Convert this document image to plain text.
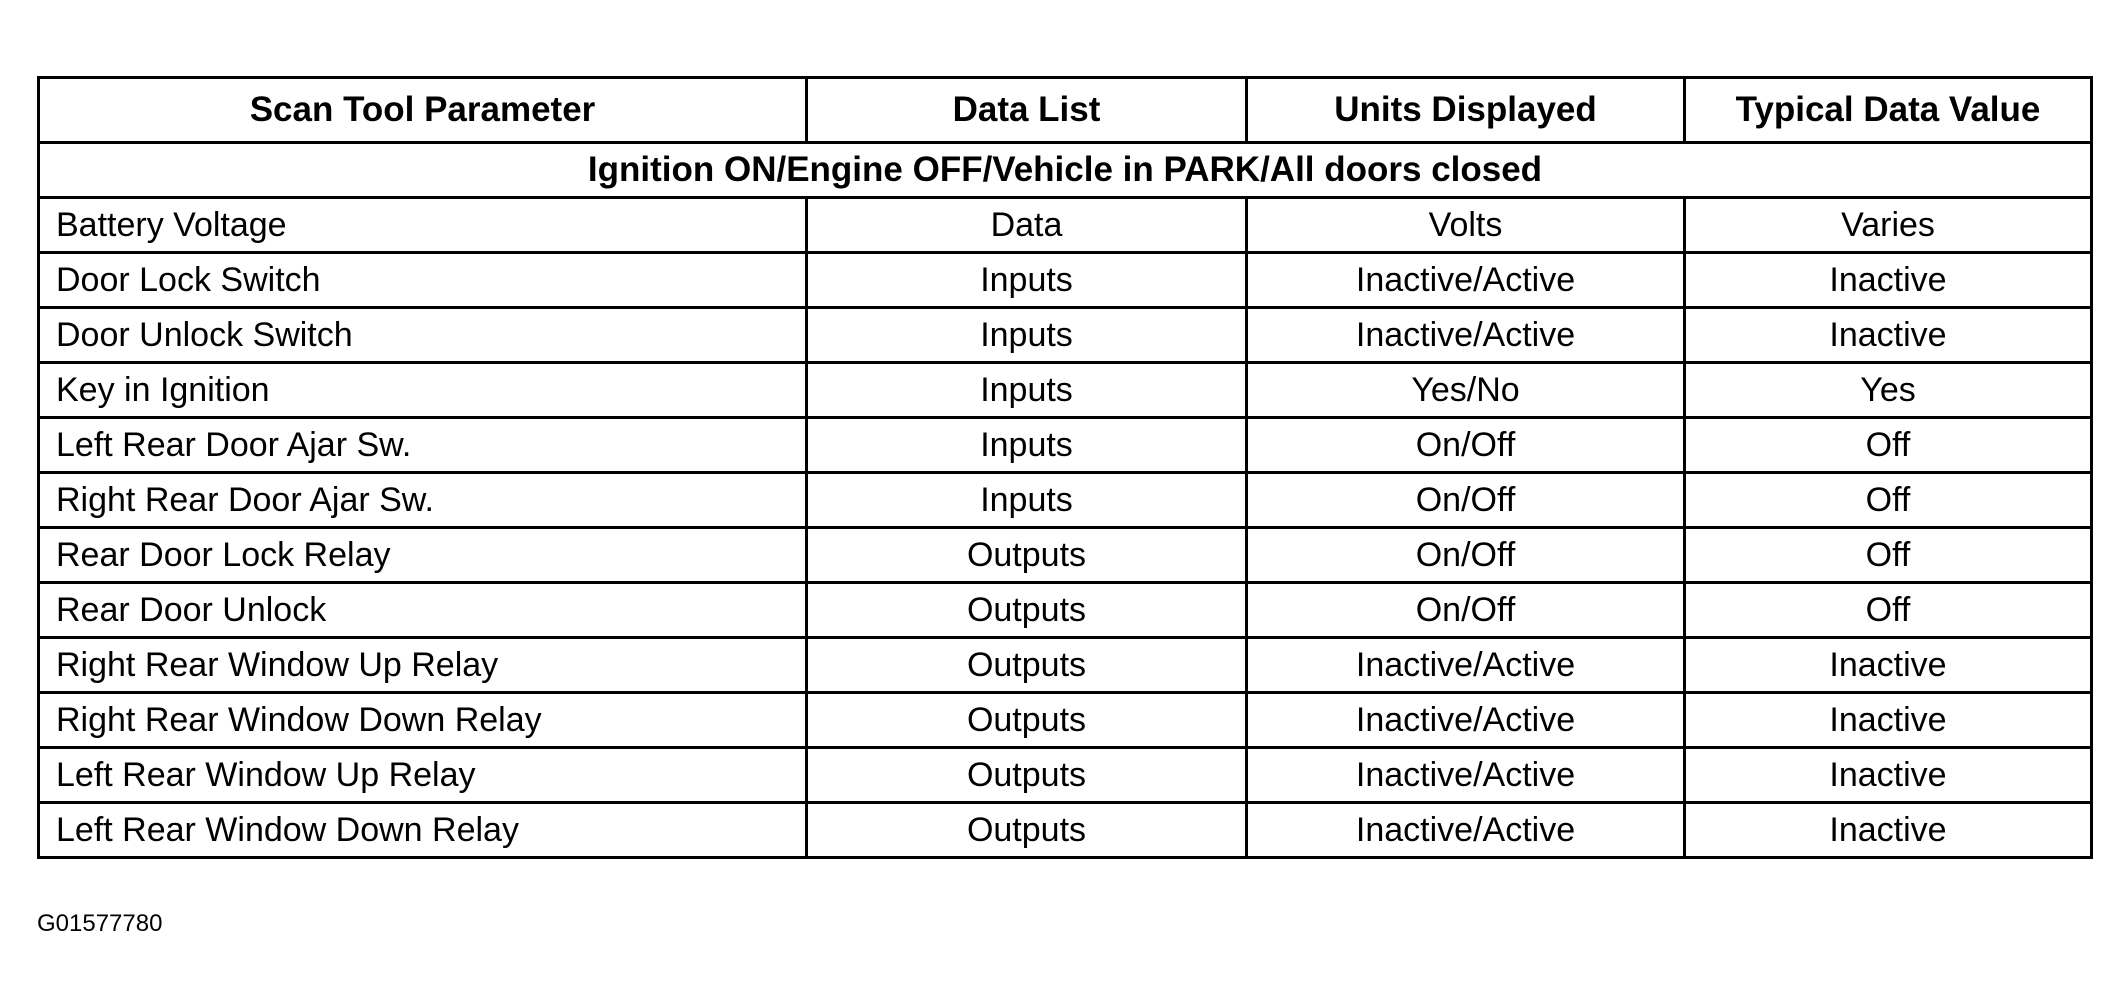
Scan Tool Parameter	Data List	Units Displayed	Typical Data Value
Ignition ON/Engine OFF/Vehicle in PARK/All doors closed			
Battery Voltage	Data	Volts	Varies
Door Lock Switch	Inputs	Inactive/Active	Inactive
Door Unlock Switch	Inputs	Inactive/Active	Inactive
Key in Ignition	Inputs	Yes/No	Yes
Left Rear Door Ajar Sw.	Inputs	On/Off	Off
Right Rear Door Ajar Sw.	Inputs	On/Off	Off
Rear Door Lock Relay	Outputs	On/Off	Off
Rear Door Unlock	Outputs	On/Off	Off
Right Rear Window Up Relay	Outputs	Inactive/Active	Inactive
Right Rear Window Down Relay	Outputs	Inactive/Active	Inactive
Left Rear Window Up Relay	Outputs	Inactive/Active	Inactive
Left Rear Window Down Relay	Outputs	Inactive/Active	Inactive
G01577780
